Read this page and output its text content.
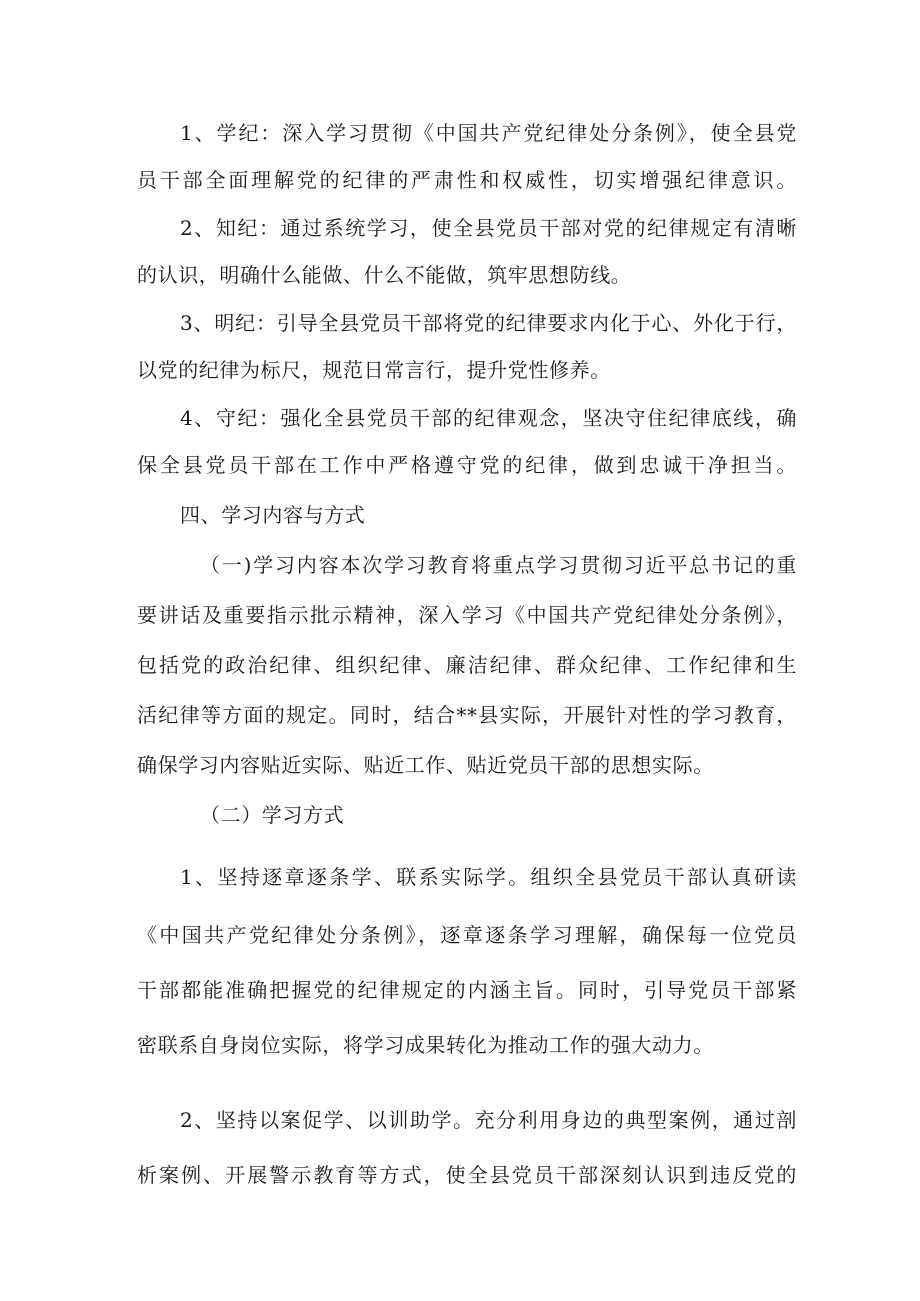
1、学纪：深入学习贯彻《中国共产党纪律处分条例》，使全县党
员干部全面理解党的纪律的严肃性和权威性，切实增强纪律意识。
2、知纪：通过系统学习，使全县党员干部对党的纪律规定有清晰
的认识，明确什么能做、什么不能做，筑牢思想防线。
3、明纪：引导全县党员干部将党的纪律要求内化于心、外化于行，
以党的纪律为标尺，规范日常言行，提升党性修养。
4、守纪：强化全县党员干部的纪律观念，坚决守住纪律底线，确
保全县党员干部在工作中严格遵守党的纪律，做到忠诚干净担当。
四、学习内容与方式
（一)学习内容本次学习教育将重点学习贯彻习近平总书记的重
要讲话及重要指示批示精神，深入学习《中国共产党纪律处分条例》，
包括党的政治纪律、组织纪律、廉洁纪律、群众纪律、工作纪律和生
活纪律等方面的规定。同时，结合**县实际，开展针对性的学习教育，
确保学习内容贴近实际、贴近工作、贴近党员干部的思想实际。
（二）学习方式
1、坚持逐章逐条学、联系实际学。组织全县党员干部认真研读
《中国共产党纪律处分条例》，逐章逐条学习理解，确保每一位党员
干部都能准确把握党的纪律规定的内涵主旨。同时，引导党员干部紧
密联系自身岗位实际，将学习成果转化为推动工作的强大动力。
2、坚持以案促学、以训助学。充分利用身边的典型案例，通过剖
析案例、开展警示教育等方式，使全县党员干部深刻认识到违反党的
